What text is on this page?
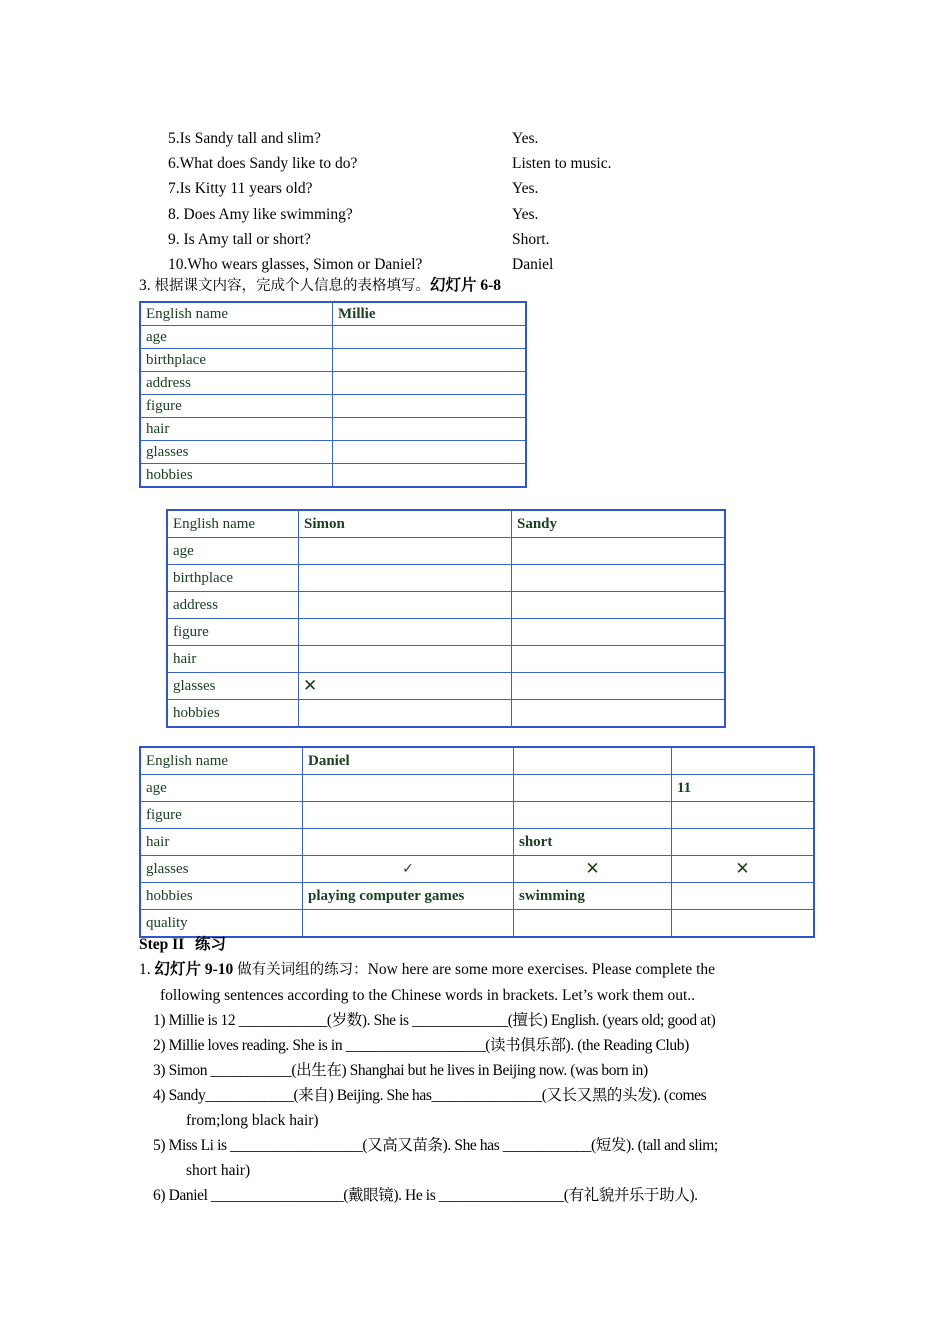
5.Is Sandy tall and slim?	Yes.
6.What does Sandy like to do?	Listen to music.
7.Is Kitty 11 years old?	Yes.
8. Does Amy like swimming?	Yes.
9. Is Amy tall or short?	Short.
10.Who wears glasses, Simon or Daniel?	Daniel
3. 根据课文内容，完成个人信息的表格填写。幻灯片 6-8
English name	Millie
age	
birthplace	
address	
figure	
hair	
glasses	
hobbies	
English name	Simon	Sandy
age		
birthplace		
address		
figure		
hair		
glasses	✕	
hobbies		
English name	Daniel		
age			11
figure			
hair		short	
glasses	✓	✕	✕
hobbies	playing computer games	swimming	
quality			
Step II  练习
1. 幻灯片 9-10 做有关词组的练习：Now here are some more exercises. Please complete the
following sentences according to the Chinese words in brackets. Let’s work them out..
1) Millie is 12 ____________(岁数). She is _____________(擅长) English. (years old; good at)
2) Millie loves reading. She is in ___________________(读书俱乐部). (the Reading Club)
3) Simon ___________(出生在) Shanghai but he lives in Beijing now. (was born in)
4) Sandy____________(来自) Beijing. She has_______________(又长又黑的头发). (comes
from;long black hair)
5) Miss Li is __________________(又高又苗条). She has ____________(短发). (tall and slim;
short hair)
6) Daniel __________________(戴眼镜). He is _________________(有礼貌并乐于助人).
